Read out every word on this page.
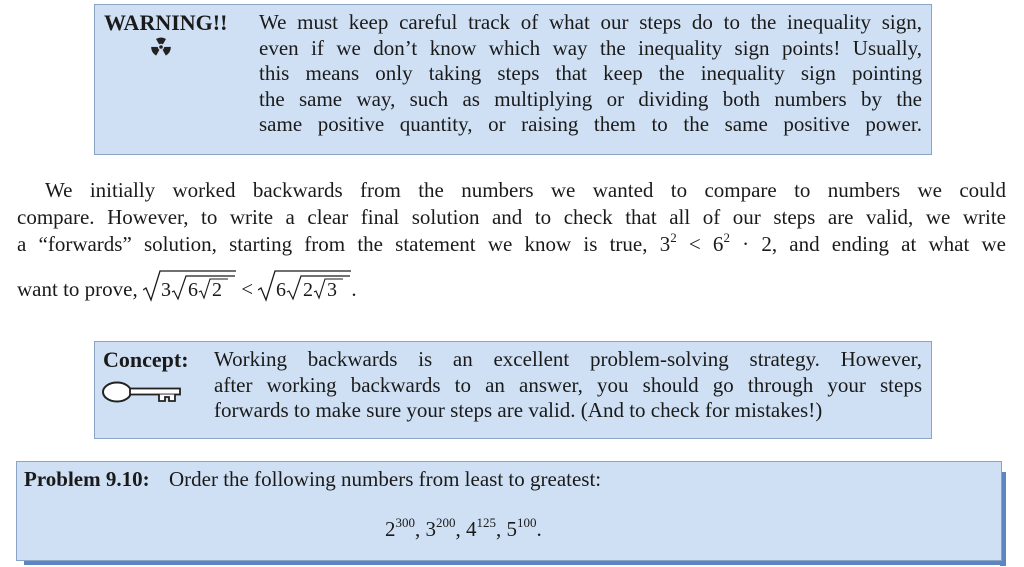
WARNING!! We must keep careful track of what our steps do to the inequality sign,
even if we don’t know which way the inequality sign points! Usually,
this means only taking steps that keep the inequality sign pointing
the same way, such as multiplying or dividing both numbers by the
same positive quantity, or raising them to the same positive power.
We initially worked backwards from the numbers we wanted to compare to numbers we could
compare. However, to write a clear final solution and to check that all of our steps are valid, we write
a “forwards” solution, starting from the statement we know is true, $3^2 < 6^2 \cdot 2$, and ending at what we
want to prove, 3 6 2 < 6 2 3 .
Concept: Working backwards is an excellent problem-solving strategy. However,
after working backwards to an answer, you should go through your steps
forwards to make sure your steps are valid. (And to check for mistakes!)
Problem 9.10: Order the following numbers from least to greatest:
$2^{300}$, $3^{200}$, $4^{125}$, $5^{100}$.
